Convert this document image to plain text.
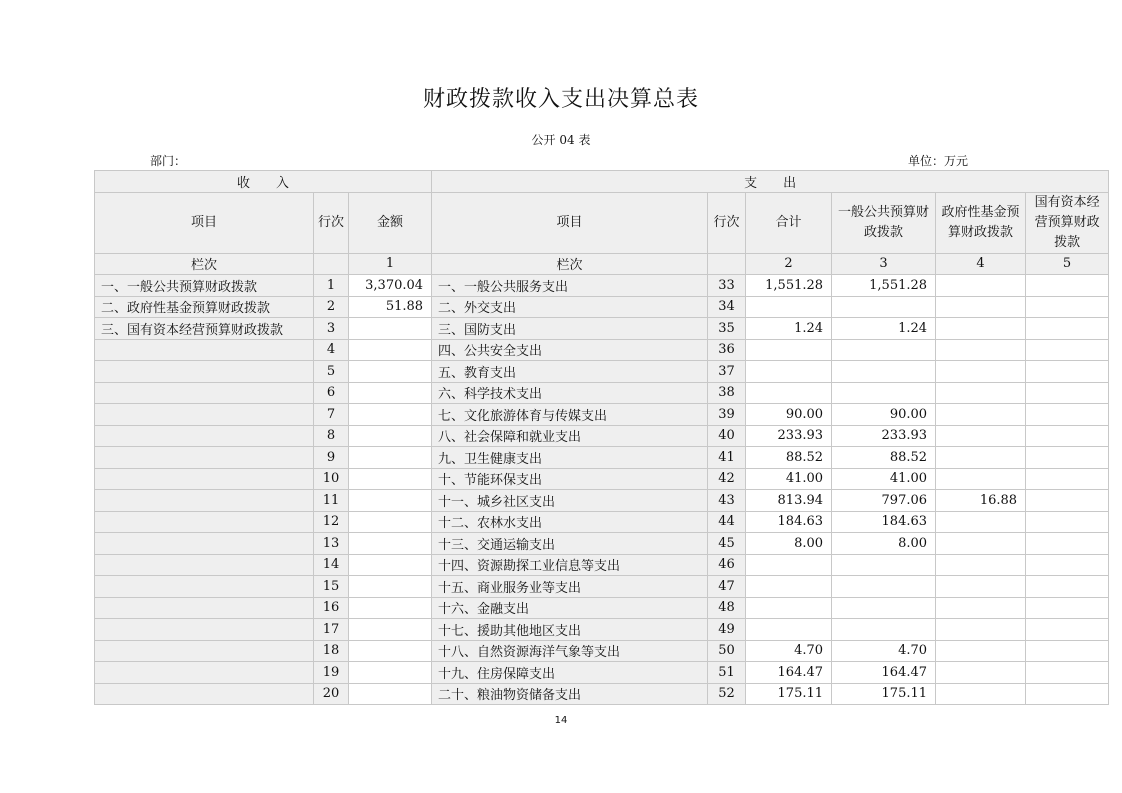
财政拨款收入支出决算总表
公开 04 表
部门：	单位：万元
收　　入			支　　出					
项目	行次	金额	项目	行次	合计	一般公共预算财政拨款	政府性基金预算财政拨款	国有资本经营预算财政拨款
栏次		1	栏次		2	3	4	5
一、一般公共预算财政拨款	1	3,370.04	一、一般公共服务支出	33	1,551.28	1,551.28		
二、政府性基金预算财政拨款	2	51.88	二、外交支出	34				
三、国有资本经营预算财政拨款	3		三、国防支出	35	1.24	1.24		
	4		四、公共安全支出	36				
	5		五、教育支出	37				
	6		六、科学技术支出	38				
	7		七、文化旅游体育与传媒支出	39	90.00	90.00		
	8		八、社会保障和就业支出	40	233.93	233.93		
	9		九、卫生健康支出	41	88.52	88.52		
	10		十、节能环保支出	42	41.00	41.00		
	11		十一、城乡社区支出	43	813.94	797.06	16.88	
	12		十二、农林水支出	44	184.63	184.63		
	13		十三、交通运输支出	45	8.00	8.00		
	14		十四、资源勘探工业信息等支出	46				
	15		十五、商业服务业等支出	47				
	16		十六、金融支出	48				
	17		十七、援助其他地区支出	49				
	18		十八、自然资源海洋气象等支出	50	4.70	4.70		
	19		十九、住房保障支出	51	164.47	164.47		
	20		二十、粮油物资储备支出	52	175.11	175.11		
14
